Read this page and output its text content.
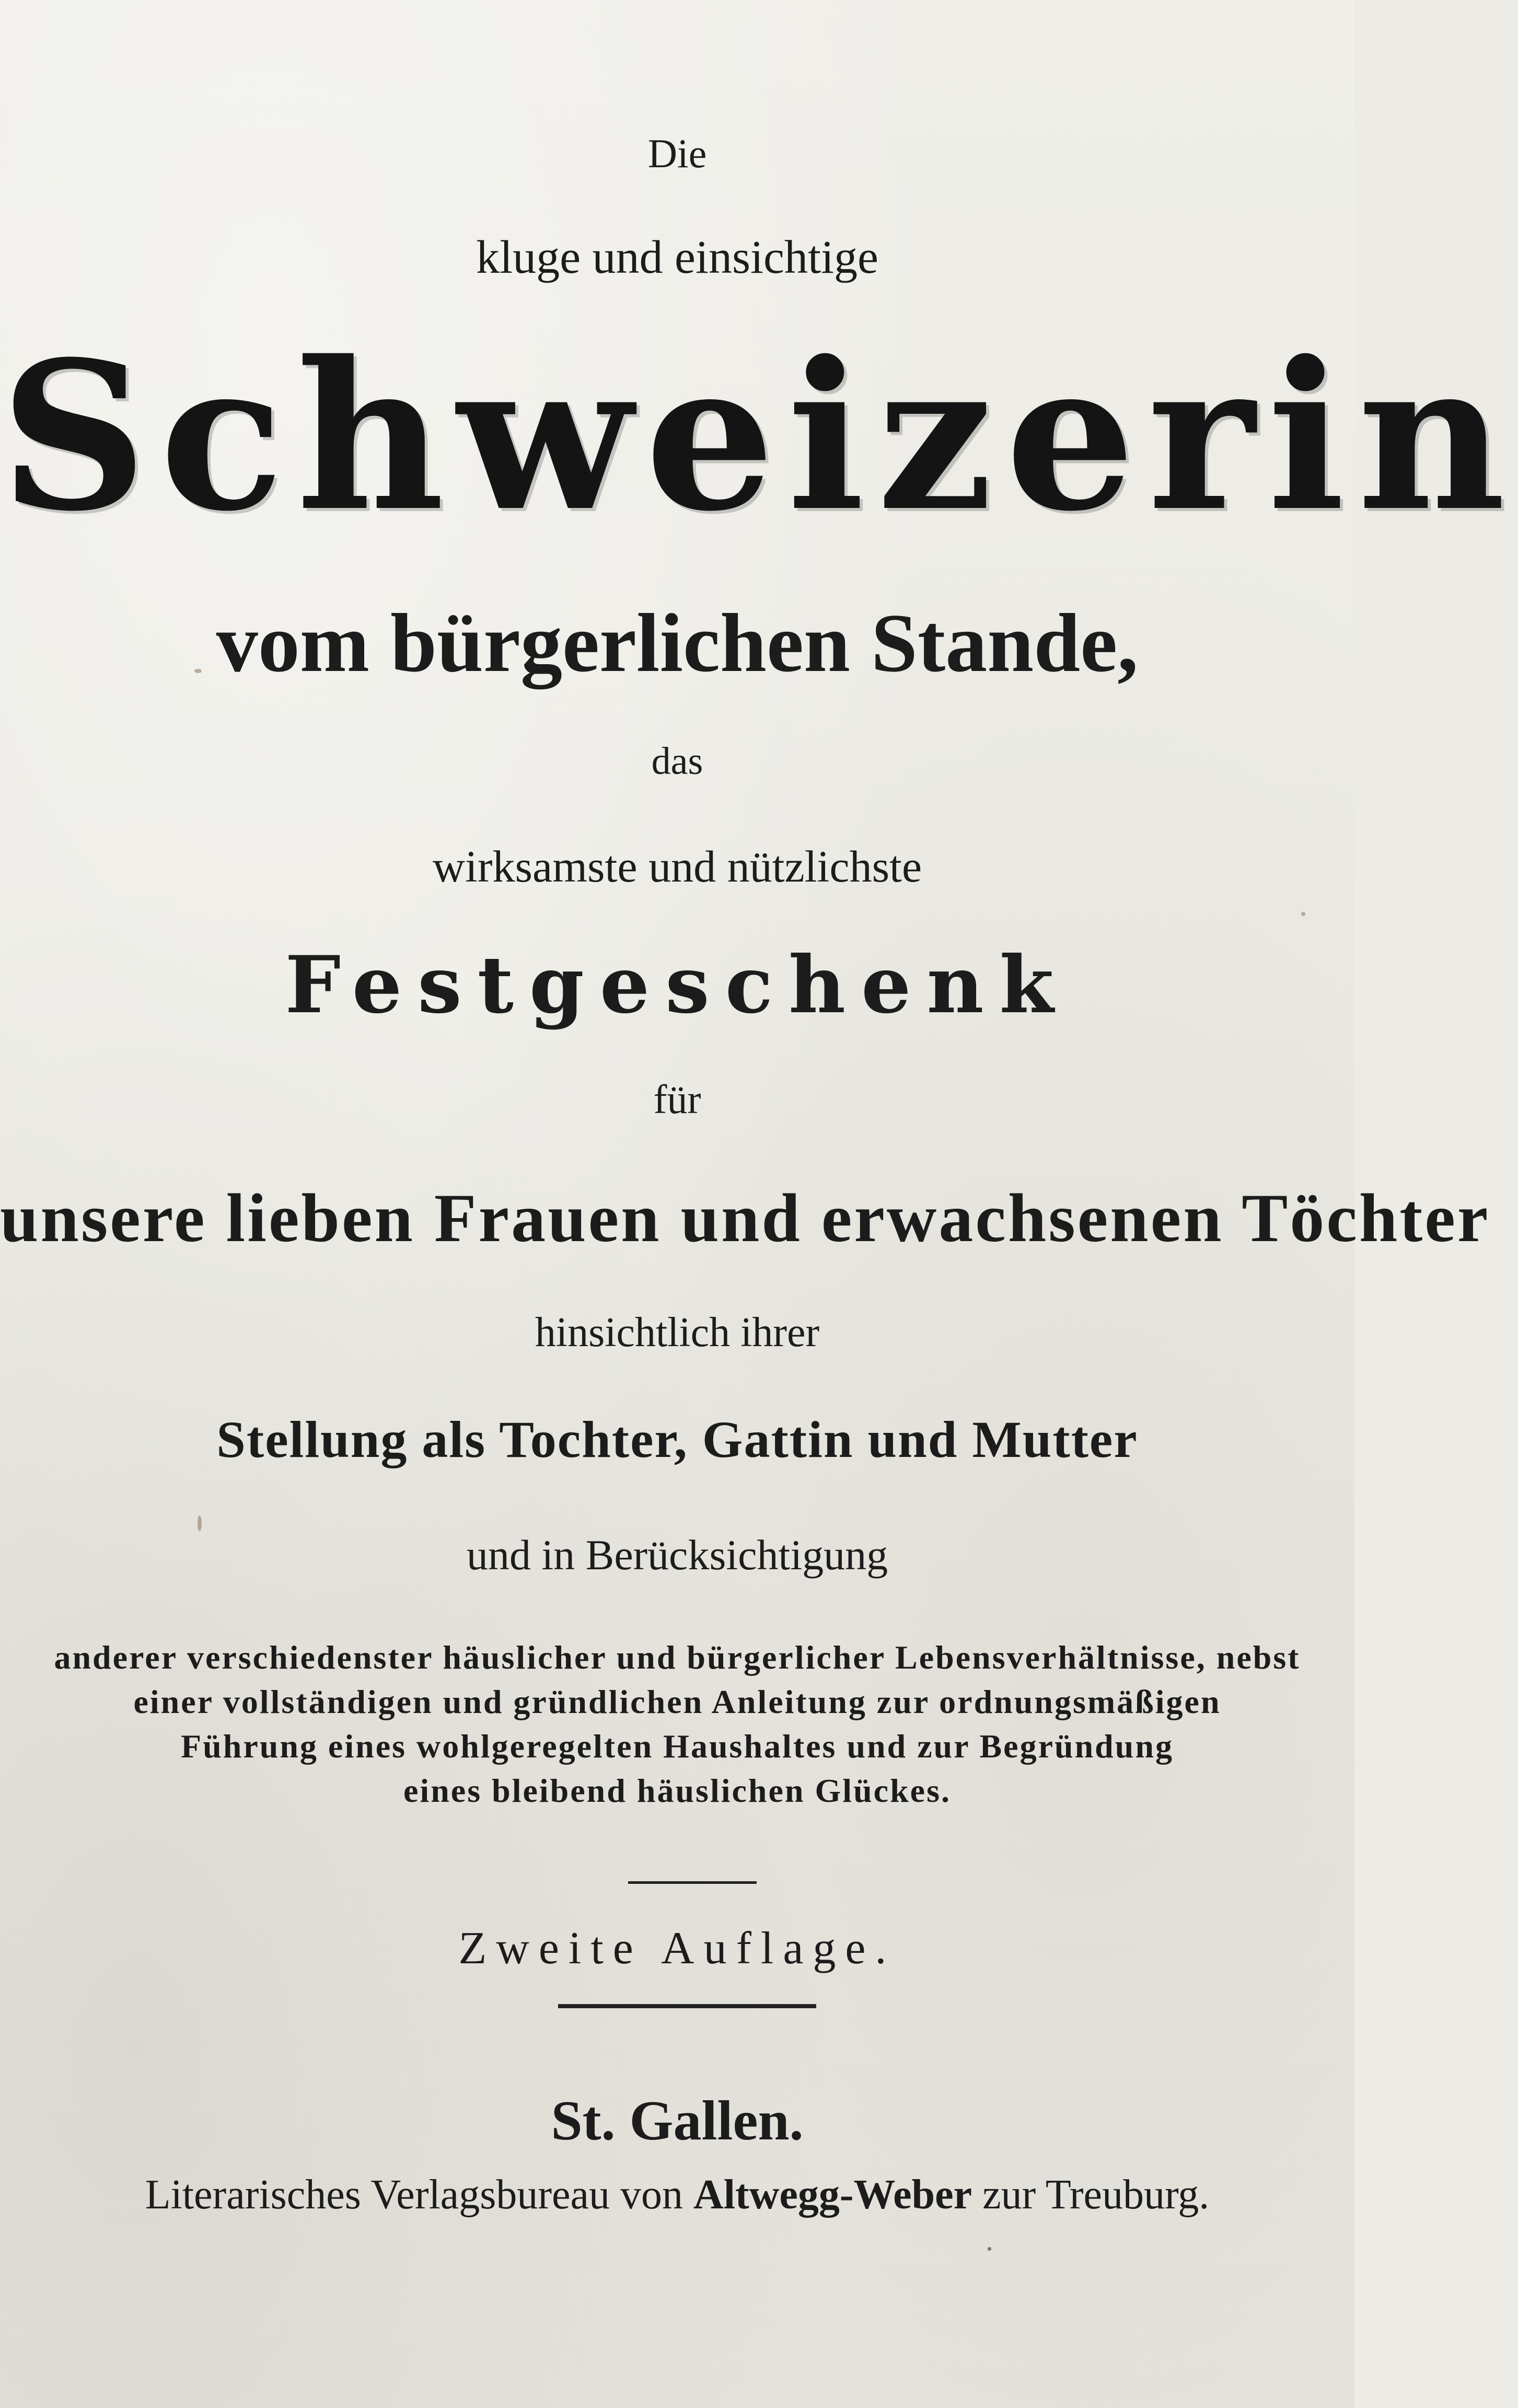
Die
kluge und einsichtige
Schweizerin
vom bürgerlichen Stande,
das
wirksamste und nützlichste
Festgeschenk
für
unsere lieben Frauen und erwachsenen Töchter
hinsichtlich ihrer
Stellung als Tochter, Gattin und Mutter
und in Berücksichtigung
anderer verschiedenster häuslicher und bürgerlicher Lebensverhältnisse, nebst
einer vollständigen und gründlichen Anleitung zur ordnungsmäßigen
Führung eines wohlgeregelten Haushaltes und zur Begründung
eines bleibend häuslichen Glückes.
Zweite Auflage.
St. Gallen.
Literarisches Verlagsbureau von Altwegg-Weber zur Treuburg.
